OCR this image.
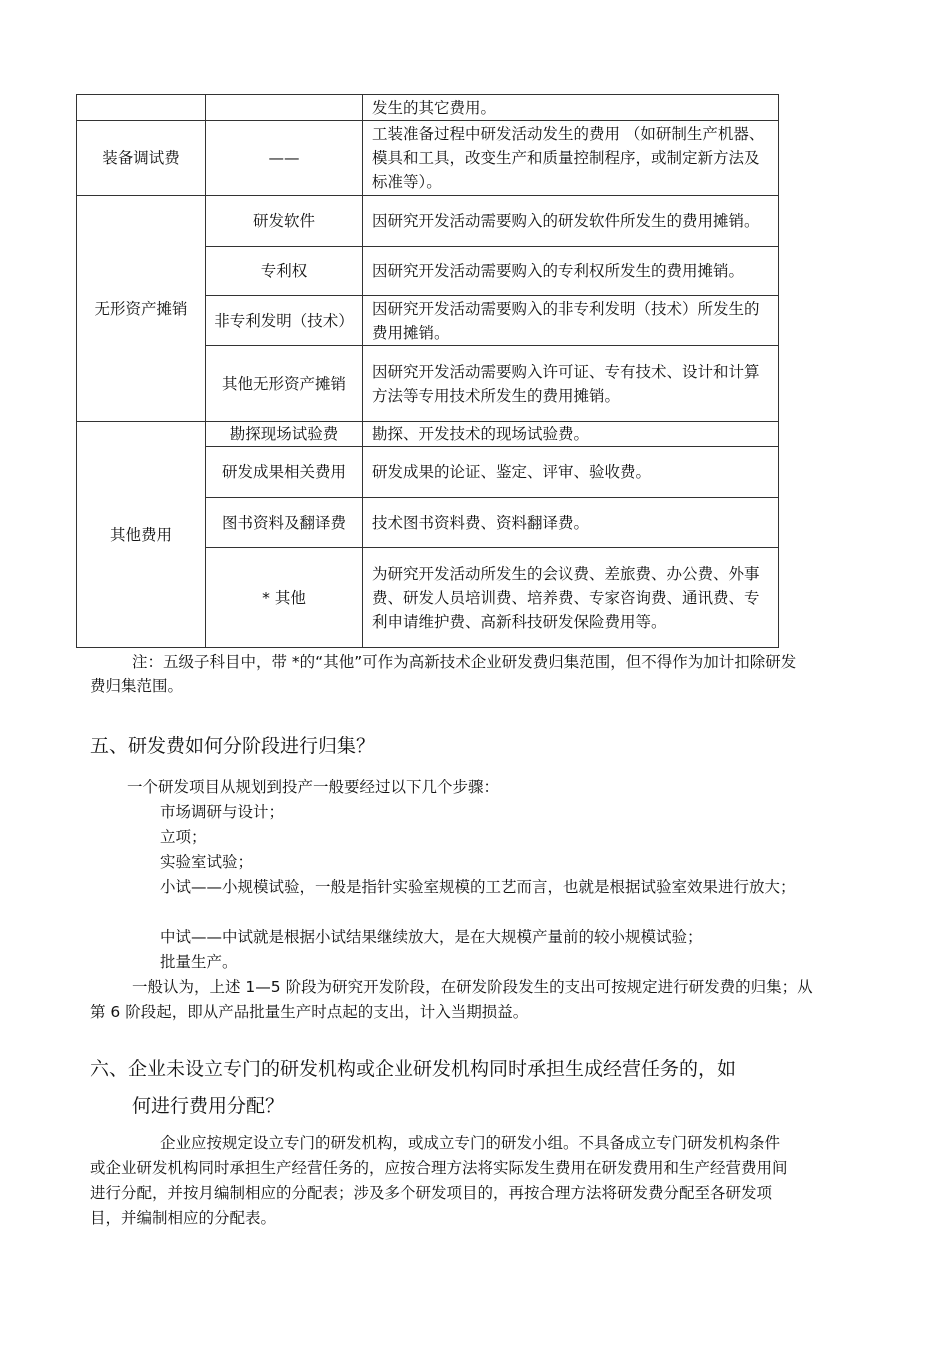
		发生的其它费用。
装备调试费	——	工装准备过程中研发活动发生的费用 （如研制生产机器、模具和工具，改变生产和质量控制程序，或制定新方法及标准等）。
无形资产摊销	研发软件	因研究开发活动需要购入的研发软件所发生的费用摊销。
	专利权	因研究开发活动需要购入的专利权所发生的费用摊销。
	非专利发明（技术）	因研究开发活动需要购入的非专利发明（技术）所发生的费用摊销。
	其他无形资产摊销	因研究开发活动需要购入许可证、专有技术、设计和计算方法等专用技术所发生的费用摊销。
其他费用	勘探现场试验费	勘探、开发技术的现场试验费。
	研发成果相关费用	研发成果的论证、鉴定、评审、验收费。
	图书资料及翻译费	技术图书资料费、资料翻译费。
	* 其他	为研究开发活动所发生的会议费、差旅费、办公费、外事费、研发人员培训费、培养费、专家咨询费、通讯费、专利申请维护费、高新科技研发保险费用等。
注：五级子科目中，带 *的“其他”可作为高新技术企业研发费归集范围，但不得作为加计扣除研发费归集范围。
五、研发费如何分阶段进行归集？
一个研发项目从规划到投产一般要经过以下几个步骤：
市场调研与设计；
立项；
实验室试验；
小试——小规模试验，一般是指针实验室规模的工艺而言，也就是根据试验室效果进行放大；
中试——中试就是根据小试结果继续放大，是在大规模产量前的较小规模试验；
批量生产。
一般认为，上述 1—5 阶段为研究开发阶段，在研发阶段发生的支出可按规定进行研发费的归集；从第 6 阶段起，即从产品批量生产时点起的支出，计入当期损益。
六、企业未设立专门的研发机构或企业研发机构同时承担生成经营任务的，如
何进行费用分配？
企业应按规定设立专门的研发机构，或成立专门的研发小组。不具备成立专门研发机构条件或企业研发机构同时承担生产经营任务的，应按合理方法将实际发生费用在研发费用和生产经营费用间进行分配，并按月编制相应的分配表；涉及多个研发项目的，再按合理方法将研发费分配至各研发项目，并编制相应的分配表。
